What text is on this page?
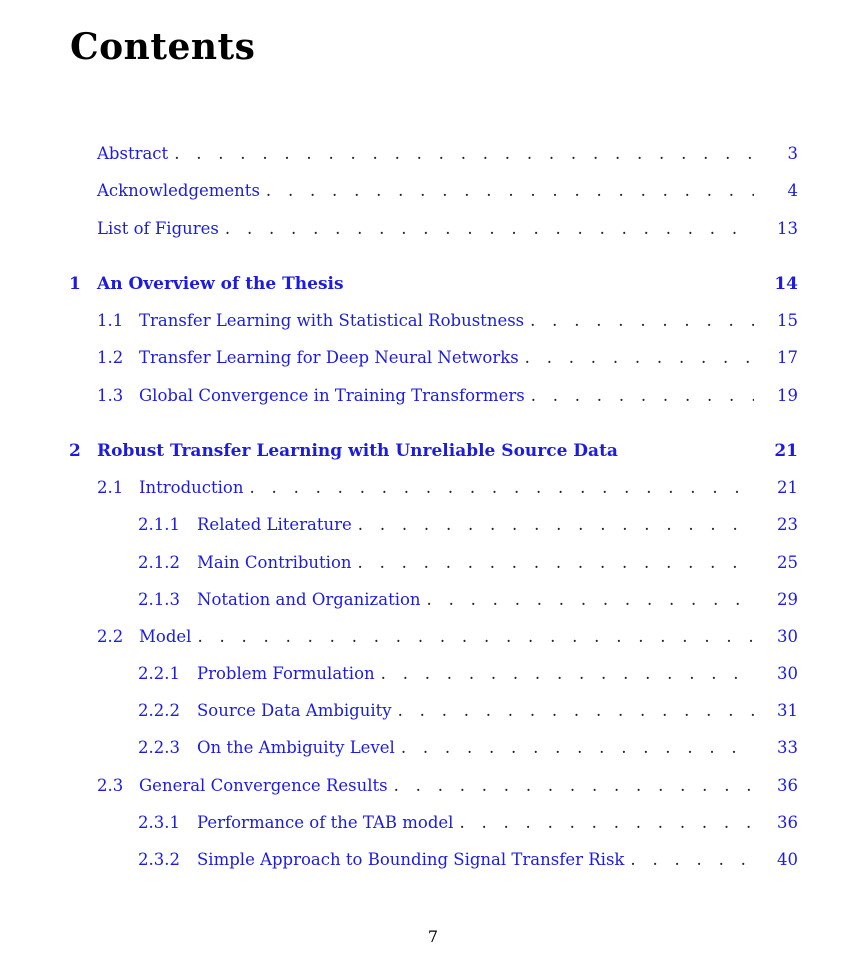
Contents
Abstract . . .	3
Acknowledgements . . .	4
List of Figures . . .	13
1 An Overview of the Thesis	14
1.1 Transfer Learning with Statistical Robustness . . .	15
1.2 Transfer Learning for Deep Neural Networks . . .	17
1.3 Global Convergence in Training Transformers . . .	19
2 Robust Transfer Learning with Unreliable Source Data	21
2.1 Introduction . . .	21
2.1.1	Related Literature . . .	23
2.1.2	Main Contribution . . .	25
2.1.3	Notation and Organization . . .	29
2.2 Model . . .	30
2.2.1	Problem Formulation . . .	30
2.2.2	Source Data Ambiguity . . .	31
2.2.3	On the Ambiguity Level . . .	33
2.3 General Convergence Results . . .	36
2.3.1	Performance of the TAB model . . .	36
2.3.2	Simple Approach to Bounding Signal Transfer Risk . . .	40
7
